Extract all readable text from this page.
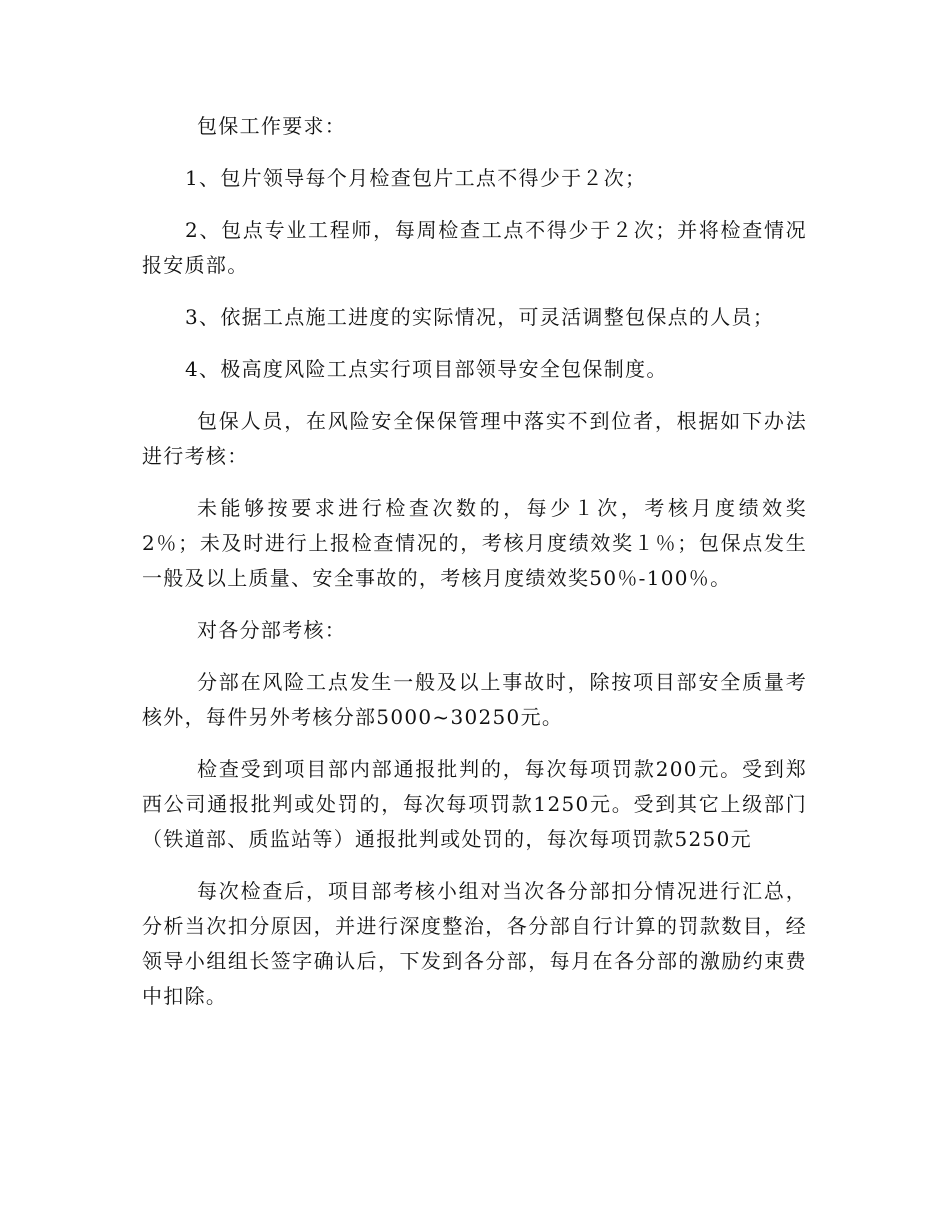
包保工作要求：

1、包片领导每个月检查包片工点不得少于２次；

2、包点专业工程师，每周检查工点不得少于２次；并将检查情况报安质部。

3、依据工点施工进度的实际情况，可灵活调整包保点的人员；

4、极高度风险工点实行项目部领导安全包保制度。

包保人员，在风险安全保保管理中落实不到位者，根据如下办法进行考核：

未能够按要求进行检查次数的，每少１次，考核月度绩效奖2％；未及时进行上报检查情况的，考核月度绩效奖１％；包保点发生一般及以上质量、安全事故的，考核月度绩效奖50％-100％。

对各分部考核：

分部在风险工点发生一般及以上事故时，除按项目部安全质量考核外，每件另外考核分部5000~30250元。

检查受到项目部内部通报批判的，每次每项罚款200元。受到郑西公司通报批判或处罚的，每次每项罚款1250元。受到其它上级部门（铁道部、质监站等）通报批判或处罚的，每次每项罚款5250元

每次检查后，项目部考核小组对当次各分部扣分情况进行汇总，分析当次扣分原因，并进行深度整治，各分部自行计算的罚款数目，经领导小组组长签字确认后，下发到各分部，每月在各分部的激励约束费中扣除。
